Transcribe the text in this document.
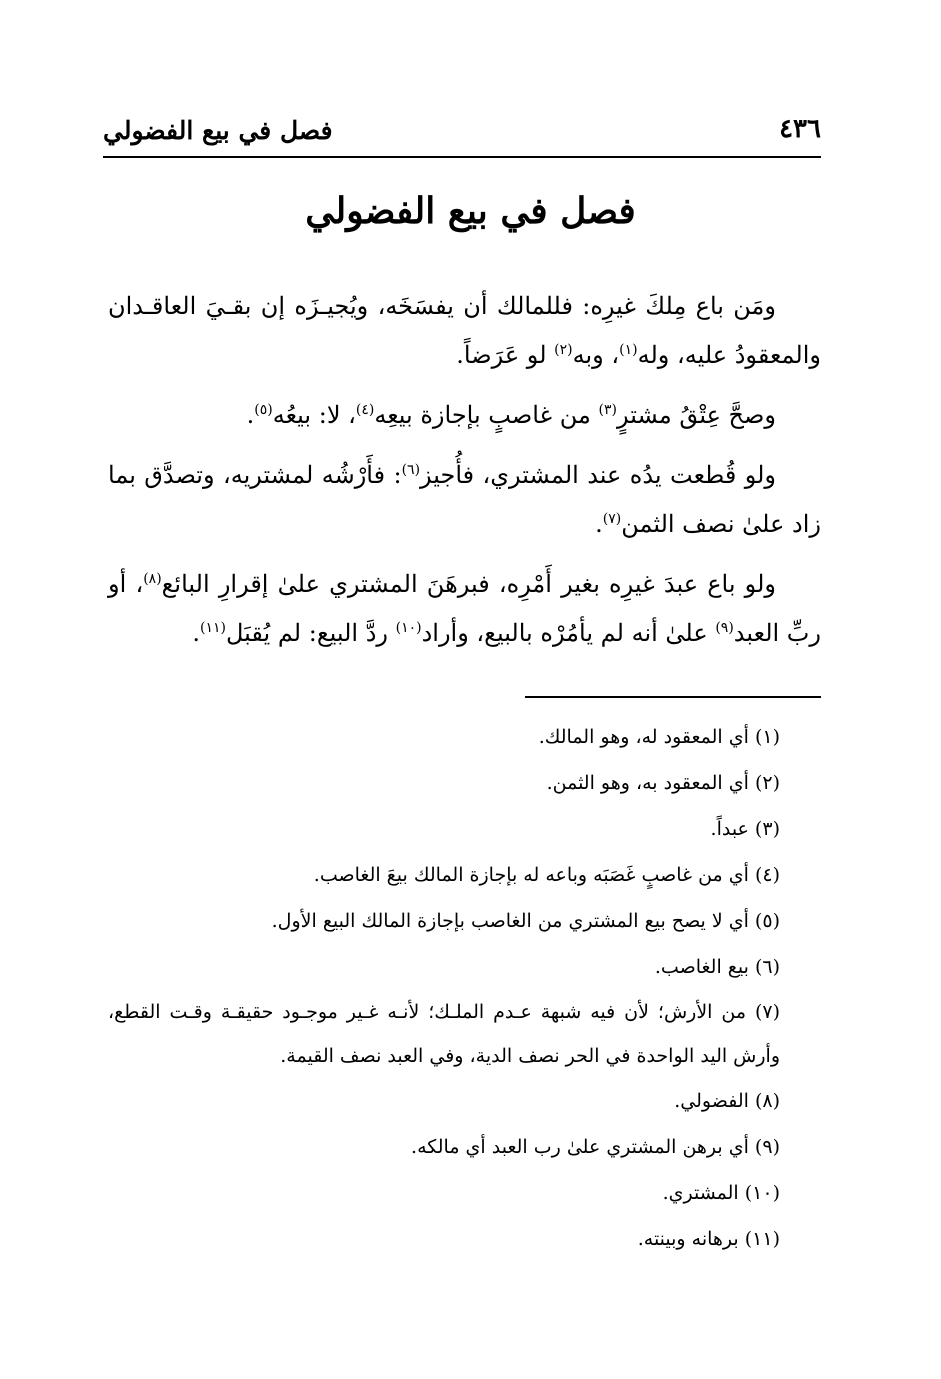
٤٣٦
فصل في بيع الفضولي
فصل في بيع الفضولي

ومَن باع مِلكَ غيرِه: فللمالك أن يفسَخَه، ويُجيـزَه إن بقـيَ العاقـدان والمعقودُ عليه، وله$^{(١)}$، وبه$^{(٢)}$ لو عَرَضاً.

وصحَّ عِتْقُ مشترٍ$^{(٣)}$ من غاصبٍ بإجازة بيعِه$^{(٤)}$، لا: بيعُه$^{(٥)}$.

ولو قُطعت يدُه عند المشتري، فأُجيز$^{(٦)}$: فأَرْشُه لمشتريه، وتصدَّق بما زاد علىٰ نصف الثمن$^{(٧)}$.

ولو باع عبدَ غيرِه بغير أَمْرِه، فبرهَنَ المشتري علىٰ إقرارِ البائع$^{(٨)}$، أو ربِّ العبد$^{(٩)}$ علىٰ أنه لم يأمُرْه بالبيع، وأراد$^{(١٠)}$ ردَّ البيع: لم يُقبَل$^{(١١)}$.

(١) أي المعقود له، وهو المالك.

(٢) أي المعقود به، وهو الثمن.

(٣) عبداً.

(٤) أي من غاصبٍ غَصَبَه وباعه له بإجازة المالك بيعَ الغاصب.

(٥) أي لا يصح بيع المشتري من الغاصب بإجازة المالك البيع الأول.

(٦) بيع الغاصب.

(٧) من الأرش؛ لأن فيه شبهة عـدم الملـك؛ لأنـه غـير موجـود حقيقـة وقـت القطع، وأرش اليد الواحدة في الحر نصف الدية، وفي العبد نصف القيمة.

(٨) الفضولي.

(٩) أي برهن المشتري علىٰ رب العبد أي مالكه.

(١٠) المشتري.

(١١) برهانه وبينته.
